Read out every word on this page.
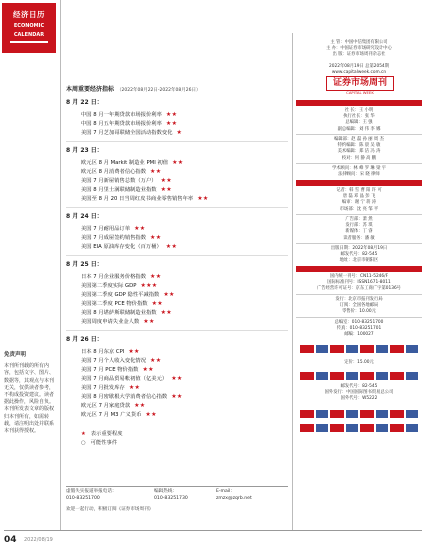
经济日历
ECONOMIC
CALENDAR
免责声明
本刊所刊载的所有内容，包括文字、图片、数据等，其观点与本刊无关，仅供读者参考，不构成投资建议。读者据此操作，风险自负。本刊所发表文章的版权归本刊所有，如需转载，请注明出处并联系本刊获得授权。
本周重要经济指标 （2022年08月22日-2022年08月26日）
8 月 22 日：
中国 8 月一年期贷款市场报价利率 ★★
中国 8 月五年期贷款市场报价利率 ★★
美国 7 月芝加哥联储全国活动指数变化 ★
8 月 23 日：
欧元区 8 月 Markit 制造业 PMI 初值 ★★
欧元区 8 月消费者信心指数 ★★
美国 7 月新屋销售总数（万户） ★★
美国 8 月里士满联储制造业指数 ★★
美国至 8 月 20 日当周红皮书商业零售销售年率 ★★
8 月 24 日：
美国 7 月耐用品订单 ★★
美国 7 月成屋签约销售指数 ★★
美国 EIA 原油库存变化（百万桶） ★★
8 月 25 日：
日本 7 月企业服务价格指数 ★★
美国第二季度实际 GDP ★★★
美国第二季度 GDP 隐性平减指数 ★★
美国第二季度 PCE 物价指数 ★★
美国 8 月堪萨斯联储制造业指数 ★★
美国周度申请失业金人数 ★★
8 月 26 日：
日本 8 月东京 CPI ★★
美国 7 月个人收入变化情况 ★★
美国 7 月 PCE 物价指数 ★★
美国 7 月商品贸易帐初值（亿美元） ★★
美国 7 月批发库存 ★★
美国 8 月密歇根大学消费者信心指数 ★★
欧元区 7 月家庭贷款 ★★
欧元区 7 月 M3 广义货币 ★★
★ 表示重要程度
○ 可能性事件
虚假失实报道举报电话：
010-83251700
编辑热线：
010-83251730
E-mail：
zmzx@zqrb.net
欢迎一起行动，积极订阅《证券市场周刊》
证券市场周刊
CAPITAL WEEK
主 管：中国中信集团有限公司
主 办：中国证券市场研究设计中心
出 版：证券市场周刊杂志社
2022年08月19日 总第2054期
www.capitalweek.com.cn
社 长：王 小明
执行社长：张 华
总编辑：王 强
副总编辑：刘 伟 李 娜
编辑部：赵 磊 孙 丽 周 杰
特约编辑：陈 晨 吴 敏
美术编辑：郑 洁 冯 涛
校对：何 静 高 鹏
学术顾问：林 峰 罗 琳 梁 宇
法律顾问：宋 晓 律师
记者：韩 雪 曹 阳 许 可
唐 磊 邓 晶 彭 飞
编审：谢 宁 蒋 涛
市场部：沈 亮 邹 平
广告部：萧 然
发行部：苏 琪
新媒体：丁 睿
读者服务：潘 敏
出版日期：2022年08月19日
邮发代号：82-545
地址：北京市朝阳区
国内统一刊号：CN11-5246/F
国际标准刊号：ISSN1671-8011
广告经营许可证号：京东工商广字第0136号
发行：北京市报刊发行局
订阅：全国各地邮局
零售价：10.00元
总编室：010-83251700
传真：010-83251701
邮编：100027
定价：15.00元
邮发代号：82-545
国外发行：中国国际图书贸易总公司
国外代号：W5222
04 2022/08/19
